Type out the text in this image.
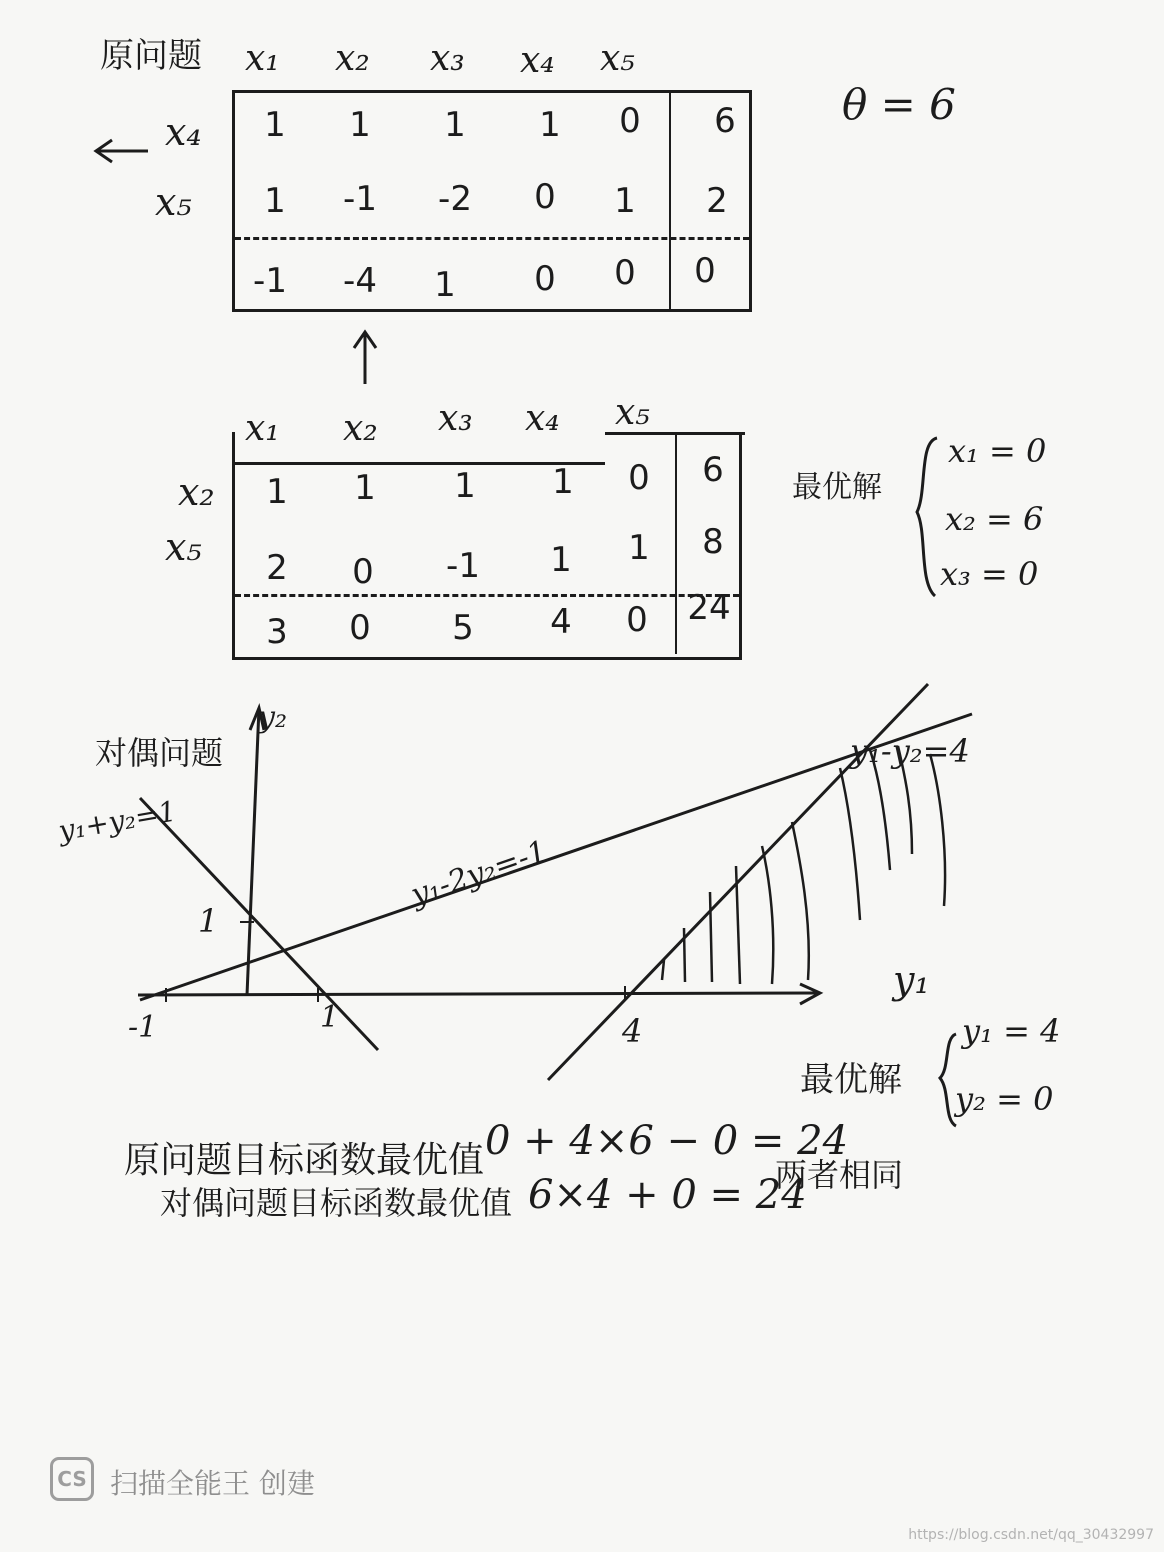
原问题 x₁ x₂ x₃ x₄ x₅
θ = 6
x₄
x₅
1	1	1	1	0	6
1	-1	-2	0	1	2
-1	-4	1	0	0	0
x₁ x₂ x₃ x₄ x₅
x₂
x₅
1	1	1	1	0	6
2	0	-1	1	1	8
3	0	5	4	0	24
最优解
x₁ = 0
x₂ = 6
x₃ = 0
对偶问题
y₂
y₁
y₁+y₂=1
y₁-2y₂=-1
y₁-y₂=4
-1	1	4
1
最优解
y₁ = 4
y₂ = 0
原问题目标函数最优值 0 + 4×6 − 0 = 24
对偶问题目标函数最优值 6×4 + 0 = 24
两者相同
CS 扫描全能王 创建
https://blog.csdn.net/qq_30432997
